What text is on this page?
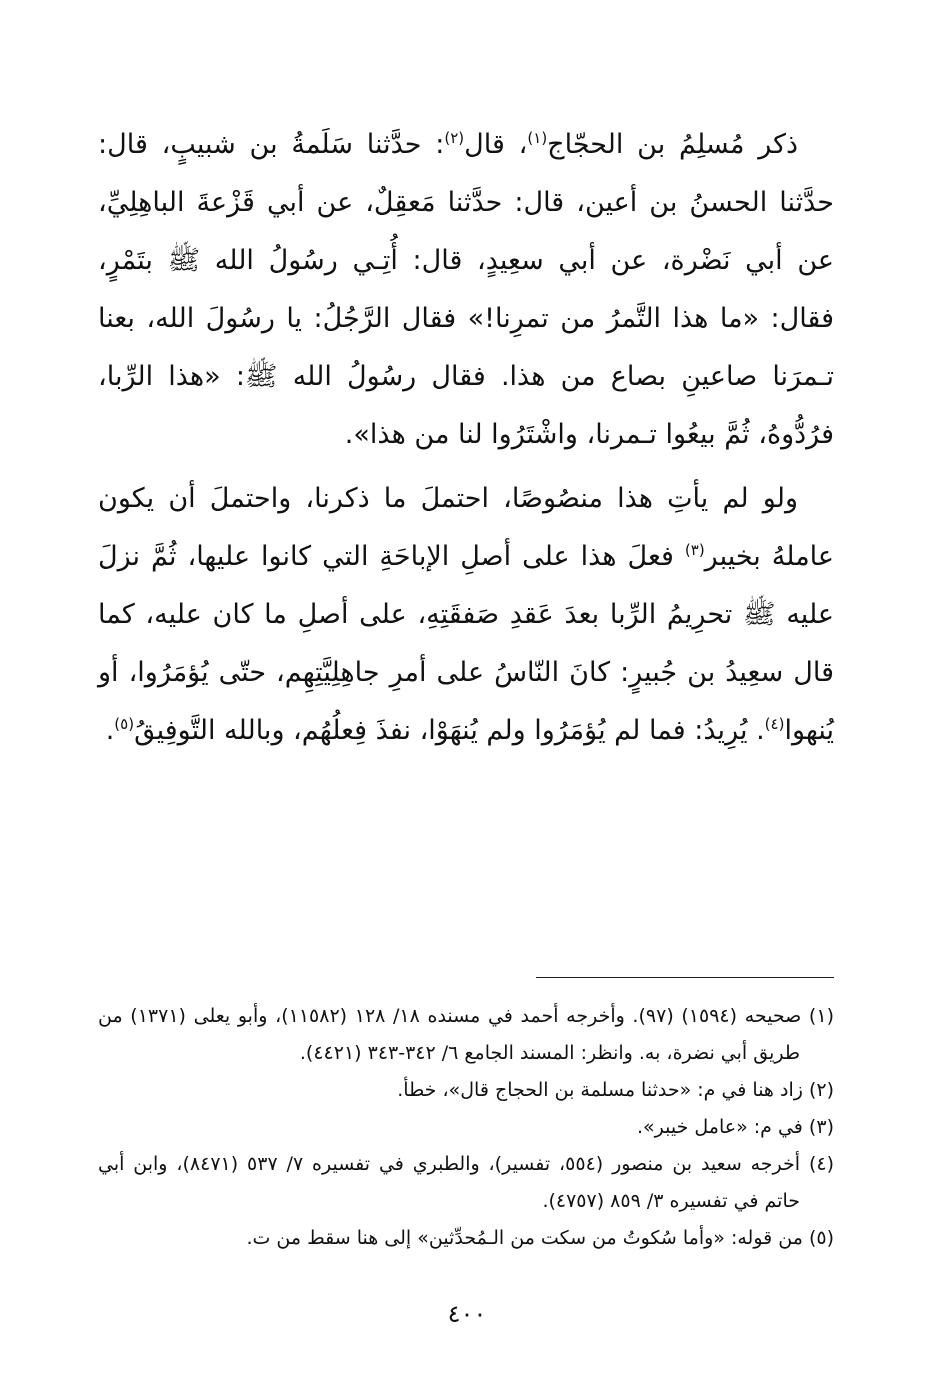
ذكر مُسلِمُ بن الحجّاج$^{(١)}$، قال$^{(٢)}$: حدَّثنا سَلَمةُ بن شبيبٍ، قال: حدَّثنا الحسنُ بن أعين، قال: حدَّثنا مَعقِلٌ، عن أبي قَزْعةَ الباهِلِيِّ، عن أبي نَضْرة، عن أبي سعِيدٍ، قال: أُتِـي رسُولُ الله ﷺ بتَمْرٍ، فقال: «ما هذا التَّمرُ من تمرِنا!» فقال الرَّجُلُ: يا رسُولَ الله، بعنا تـمرَنا صاعينِ بصاع من هذا. فقال رسُولُ الله ﷺ: «هذا الرِّبا، فرُدُّوهُ، ثُمَّ بيعُوا تـمرنا، واشْتَرُوا لنا من هذا».

ولو لم يأتِ هذا منصُوصًا، احتملَ ما ذكرنا، واحتملَ أن يكون عاملهُ بخيبر$^{(٣)}$ فعلَ هذا على أصلِ الإباحَةِ التي كانوا عليها، ثُمَّ نزلَ عليه ﷺ تحرِيمُ الرِّبا بعدَ عَقدِ صَفقَتِهِ، على أصلِ ما كان عليه، كما قال سعِيدُ بن جُبيرٍ: كانَ النّاسُ على أمرِ جاهِلِيَّتِهِم، حتّى يُؤمَرُوا، أو يُنهوا$^{(٤)}$. يُرِيدُ: فما لم يُؤمَرُوا ولم يُنهَوْا، نفذَ فِعلُهُم، وبالله التَّوفِيقُ$^{(٥)}$.

(١) صحيحه (١٥٩٤) (٩٧). وأخرجه أحمد في مسنده ١٨/ ١٢٨ (١١٥٨٢)، وأبو يعلى (١٣٧١) من طريق أبي نضرة، به. وانظر: المسند الجامع ٦/ ٣٤٢-٣٤٣ (٤٤٢١).

(٢) زاد هنا في م: «حدثنا مسلمة بن الحجاج قال»، خطأ.

(٣) في م: «عامل خيبر».

(٤) أخرجه سعيد بن منصور (٥٥٤، تفسير)، والطبري في تفسيره ٧/ ٥٣٧ (٨٤٧١)، وابن أبي حاتم في تفسيره ٣/ ٨٥٩ (٤٧٥٧).

(٥) من قوله: «وأما سُكوتُ من سكت من الـمُحدِّثين» إلى هنا سقط من ت.

٤٠٠
